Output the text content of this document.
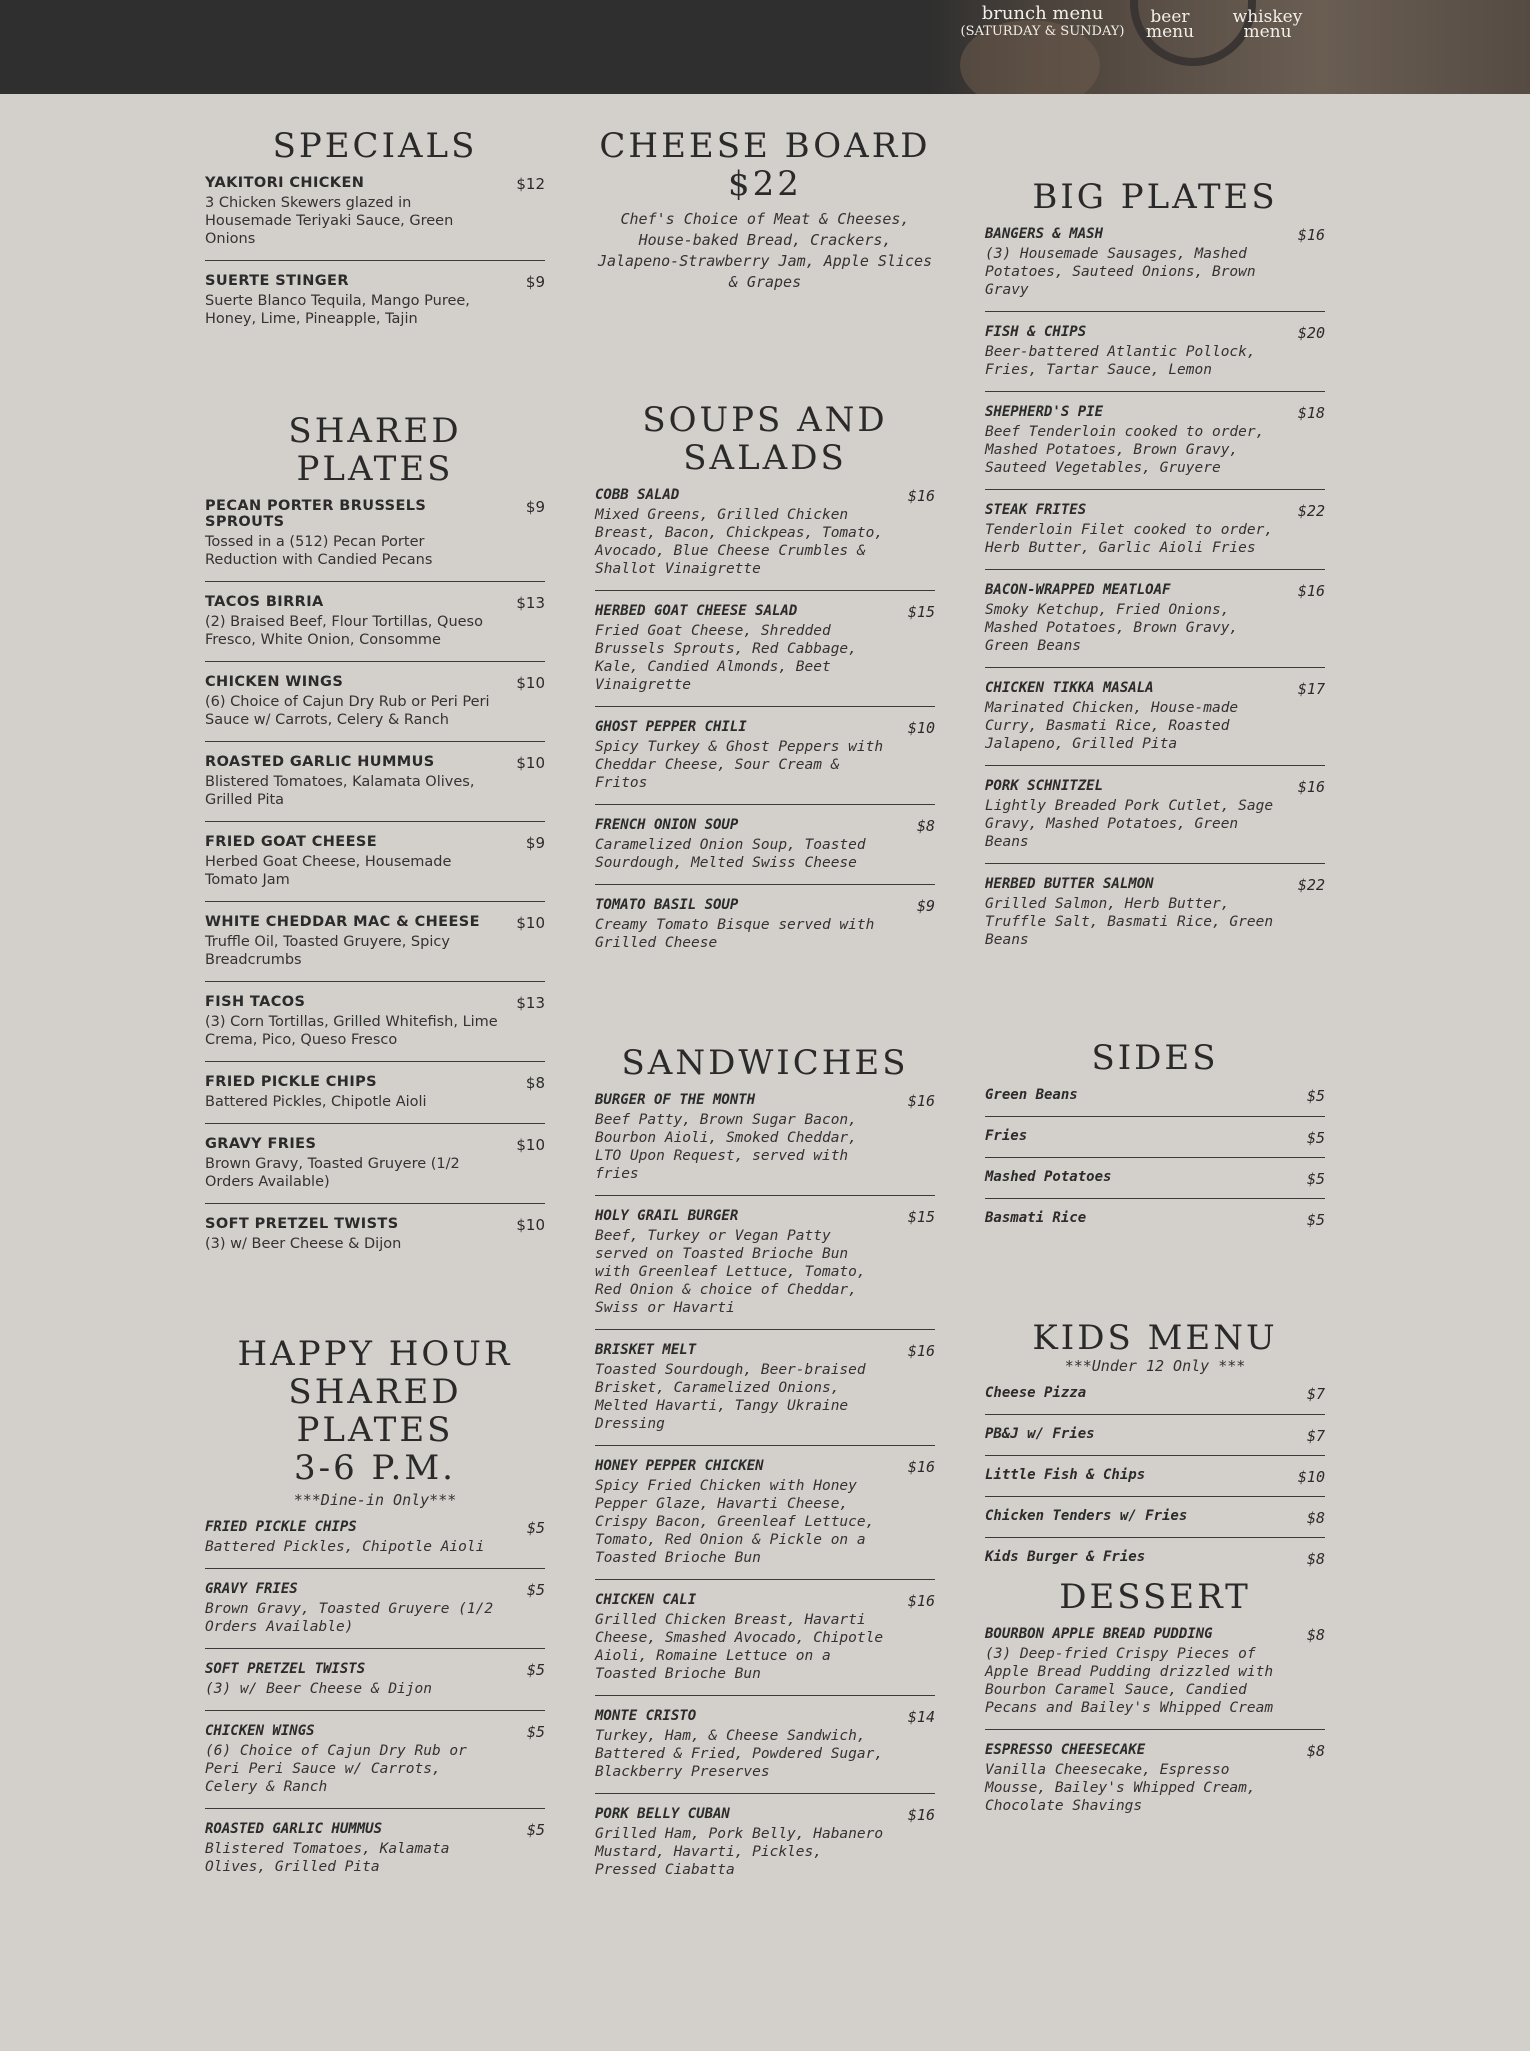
brunch menu
(SATURDAY & SUNDAY)
beer
menu
whiskey
menu
SPECIALS
YAKITORI CHICKEN	$12
3 Chicken Skewers glazed in Housemade Teriyaki Sauce, Green Onions
SUERTE STINGER	$9
Suerte Blanco Tequila, Mango Puree, Honey, Lime, Pineapple, Tajin
SHARED PLATES
PECAN PORTER BRUSSELS SPROUTS
$9
Tossed in a (512) Pecan Porter Reduction with Candied Pecans
TACOS BIRRIA	$13
(2) Braised Beef, Flour Tortillas, Queso Fresco, White Onion, Consomme
CHICKEN WINGS	$10
(6) Choice of Cajun Dry Rub or Peri Peri Sauce w/ Carrots, Celery & Ranch
ROASTED GARLIC HUMMUS	$10
Blistered Tomatoes, Kalamata Olives, Grilled Pita
FRIED GOAT CHEESE	$9
Herbed Goat Cheese, Housemade Tomato Jam
WHITE CHEDDAR MAC & CHEESE	$10
Truffle Oil, Toasted Gruyere, Spicy Breadcrumbs
FISH TACOS	$13
(3) Corn Tortillas, Grilled Whitefish, Lime Crema, Pico, Queso Fresco
FRIED PICKLE CHIPS	$8
Battered Pickles, Chipotle Aioli
GRAVY FRIES	$10
Brown Gravy, Toasted Gruyere (1/2 Orders Available)
SOFT PRETZEL TWISTS	$10
(3) w/ Beer Cheese & Dijon
HAPPY HOUR
SHARED PLATES
3-6 P.M.
***Dine-in Only***
FRIED PICKLE CHIPS	$5
Battered Pickles, Chipotle Aioli
GRAVY FRIES	$5
Brown Gravy, Toasted Gruyere (1/2 Orders Available)
SOFT PRETZEL TWISTS	$5
(3) w/ Beer Cheese & Dijon
CHICKEN WINGS	$5
(6) Choice of Cajun Dry Rub or Peri Peri Sauce w/ Carrots, Celery & Ranch
ROASTED GARLIC HUMMUS	$5
Blistered Tomatoes, Kalamata Olives, Grilled Pita
CHEESE BOARD
$22
Chef's Choice of Meat & Cheeses, House-baked Bread, Crackers, Jalapeno-Strawberry Jam, Apple Slices & Grapes
SOUPS AND
SALADS
COBB SALAD	$16
Mixed Greens, Grilled Chicken Breast, Bacon, Chickpeas, Tomato, Avocado, Blue Cheese Crumbles & Shallot Vinaigrette
HERBED GOAT CHEESE SALAD	$15
Fried Goat Cheese, Shredded Brussels Sprouts, Red Cabbage, Kale, Candied Almonds, Beet Vinaigrette
GHOST PEPPER CHILI	$10
Spicy Turkey & Ghost Peppers with Cheddar Cheese, Sour Cream & Fritos
FRENCH ONION SOUP	$8
Caramelized Onion Soup, Toasted Sourdough, Melted Swiss Cheese
TOMATO BASIL SOUP	$9
Creamy Tomato Bisque served with Grilled Cheese
SANDWICHES
BURGER OF THE MONTH	$16
Beef Patty, Brown Sugar Bacon, Bourbon Aioli, Smoked Cheddar, LTO Upon Request, served with fries
HOLY GRAIL BURGER	$15
Beef, Turkey or Vegan Patty served on Toasted Brioche Bun with Greenleaf Lettuce, Tomato, Red Onion & choice of Cheddar, Swiss or Havarti
BRISKET MELT	$16
Toasted Sourdough, Beer-braised Brisket, Caramelized Onions, Melted Havarti, Tangy Ukraine Dressing
HONEY PEPPER CHICKEN	$16
Spicy Fried Chicken with Honey Pepper Glaze, Havarti Cheese, Crispy Bacon, Greenleaf Lettuce, Tomato, Red Onion & Pickle on a Toasted Brioche Bun
CHICKEN CALI	$16
Grilled Chicken Breast, Havarti Cheese, Smashed Avocado, Chipotle Aioli, Romaine Lettuce on a Toasted Brioche Bun
MONTE CRISTO	$14
Turkey, Ham, & Cheese Sandwich, Battered & Fried, Powdered Sugar, Blackberry Preserves
PORK BELLY CUBAN	$16
Grilled Ham, Pork Belly, Habanero Mustard, Havarti, Pickles, Pressed Ciabatta
BIG PLATES
BANGERS & MASH	$16
(3) Housemade Sausages, Mashed Potatoes, Sauteed Onions, Brown Gravy
FISH & CHIPS	$20
Beer-battered Atlantic Pollock, Fries, Tartar Sauce, Lemon
SHEPHERD'S PIE	$18
Beef Tenderloin cooked to order, Mashed Potatoes, Brown Gravy, Sauteed Vegetables, Gruyere
STEAK FRITES	$22
Tenderloin Filet cooked to order, Herb Butter, Garlic Aioli Fries
BACON-WRAPPED MEATLOAF	$16
Smoky Ketchup, Fried Onions, Mashed Potatoes, Brown Gravy, Green Beans
CHICKEN TIKKA MASALA	$17
Marinated Chicken, House-made Curry, Basmati Rice, Roasted Jalapeno, Grilled Pita
PORK SCHNITZEL	$16
Lightly Breaded Pork Cutlet, Sage Gravy, Mashed Potatoes, Green Beans
HERBED BUTTER SALMON	$22
Grilled Salmon, Herb Butter, Truffle Salt, Basmati Rice, Green Beans
SIDES
Green Beans	$5
Fries	$5
Mashed Potatoes	$5
Basmati Rice	$5
KIDS MENU
***Under 12 Only ***
Cheese Pizza	$7
PB&J w/ Fries	$7
Little Fish & Chips	$10
Chicken Tenders w/ Fries	$8
Kids Burger & Fries	$8
DESSERT
BOURBON APPLE BREAD PUDDING	$8
(3) Deep-fried Crispy Pieces of Apple Bread Pudding drizzled with Bourbon Caramel Sauce, Candied Pecans and Bailey's Whipped Cream
ESPRESSO CHEESECAKE	$8
Vanilla Cheesecake, Espresso Mousse, Bailey's Whipped Cream, Chocolate Shavings
